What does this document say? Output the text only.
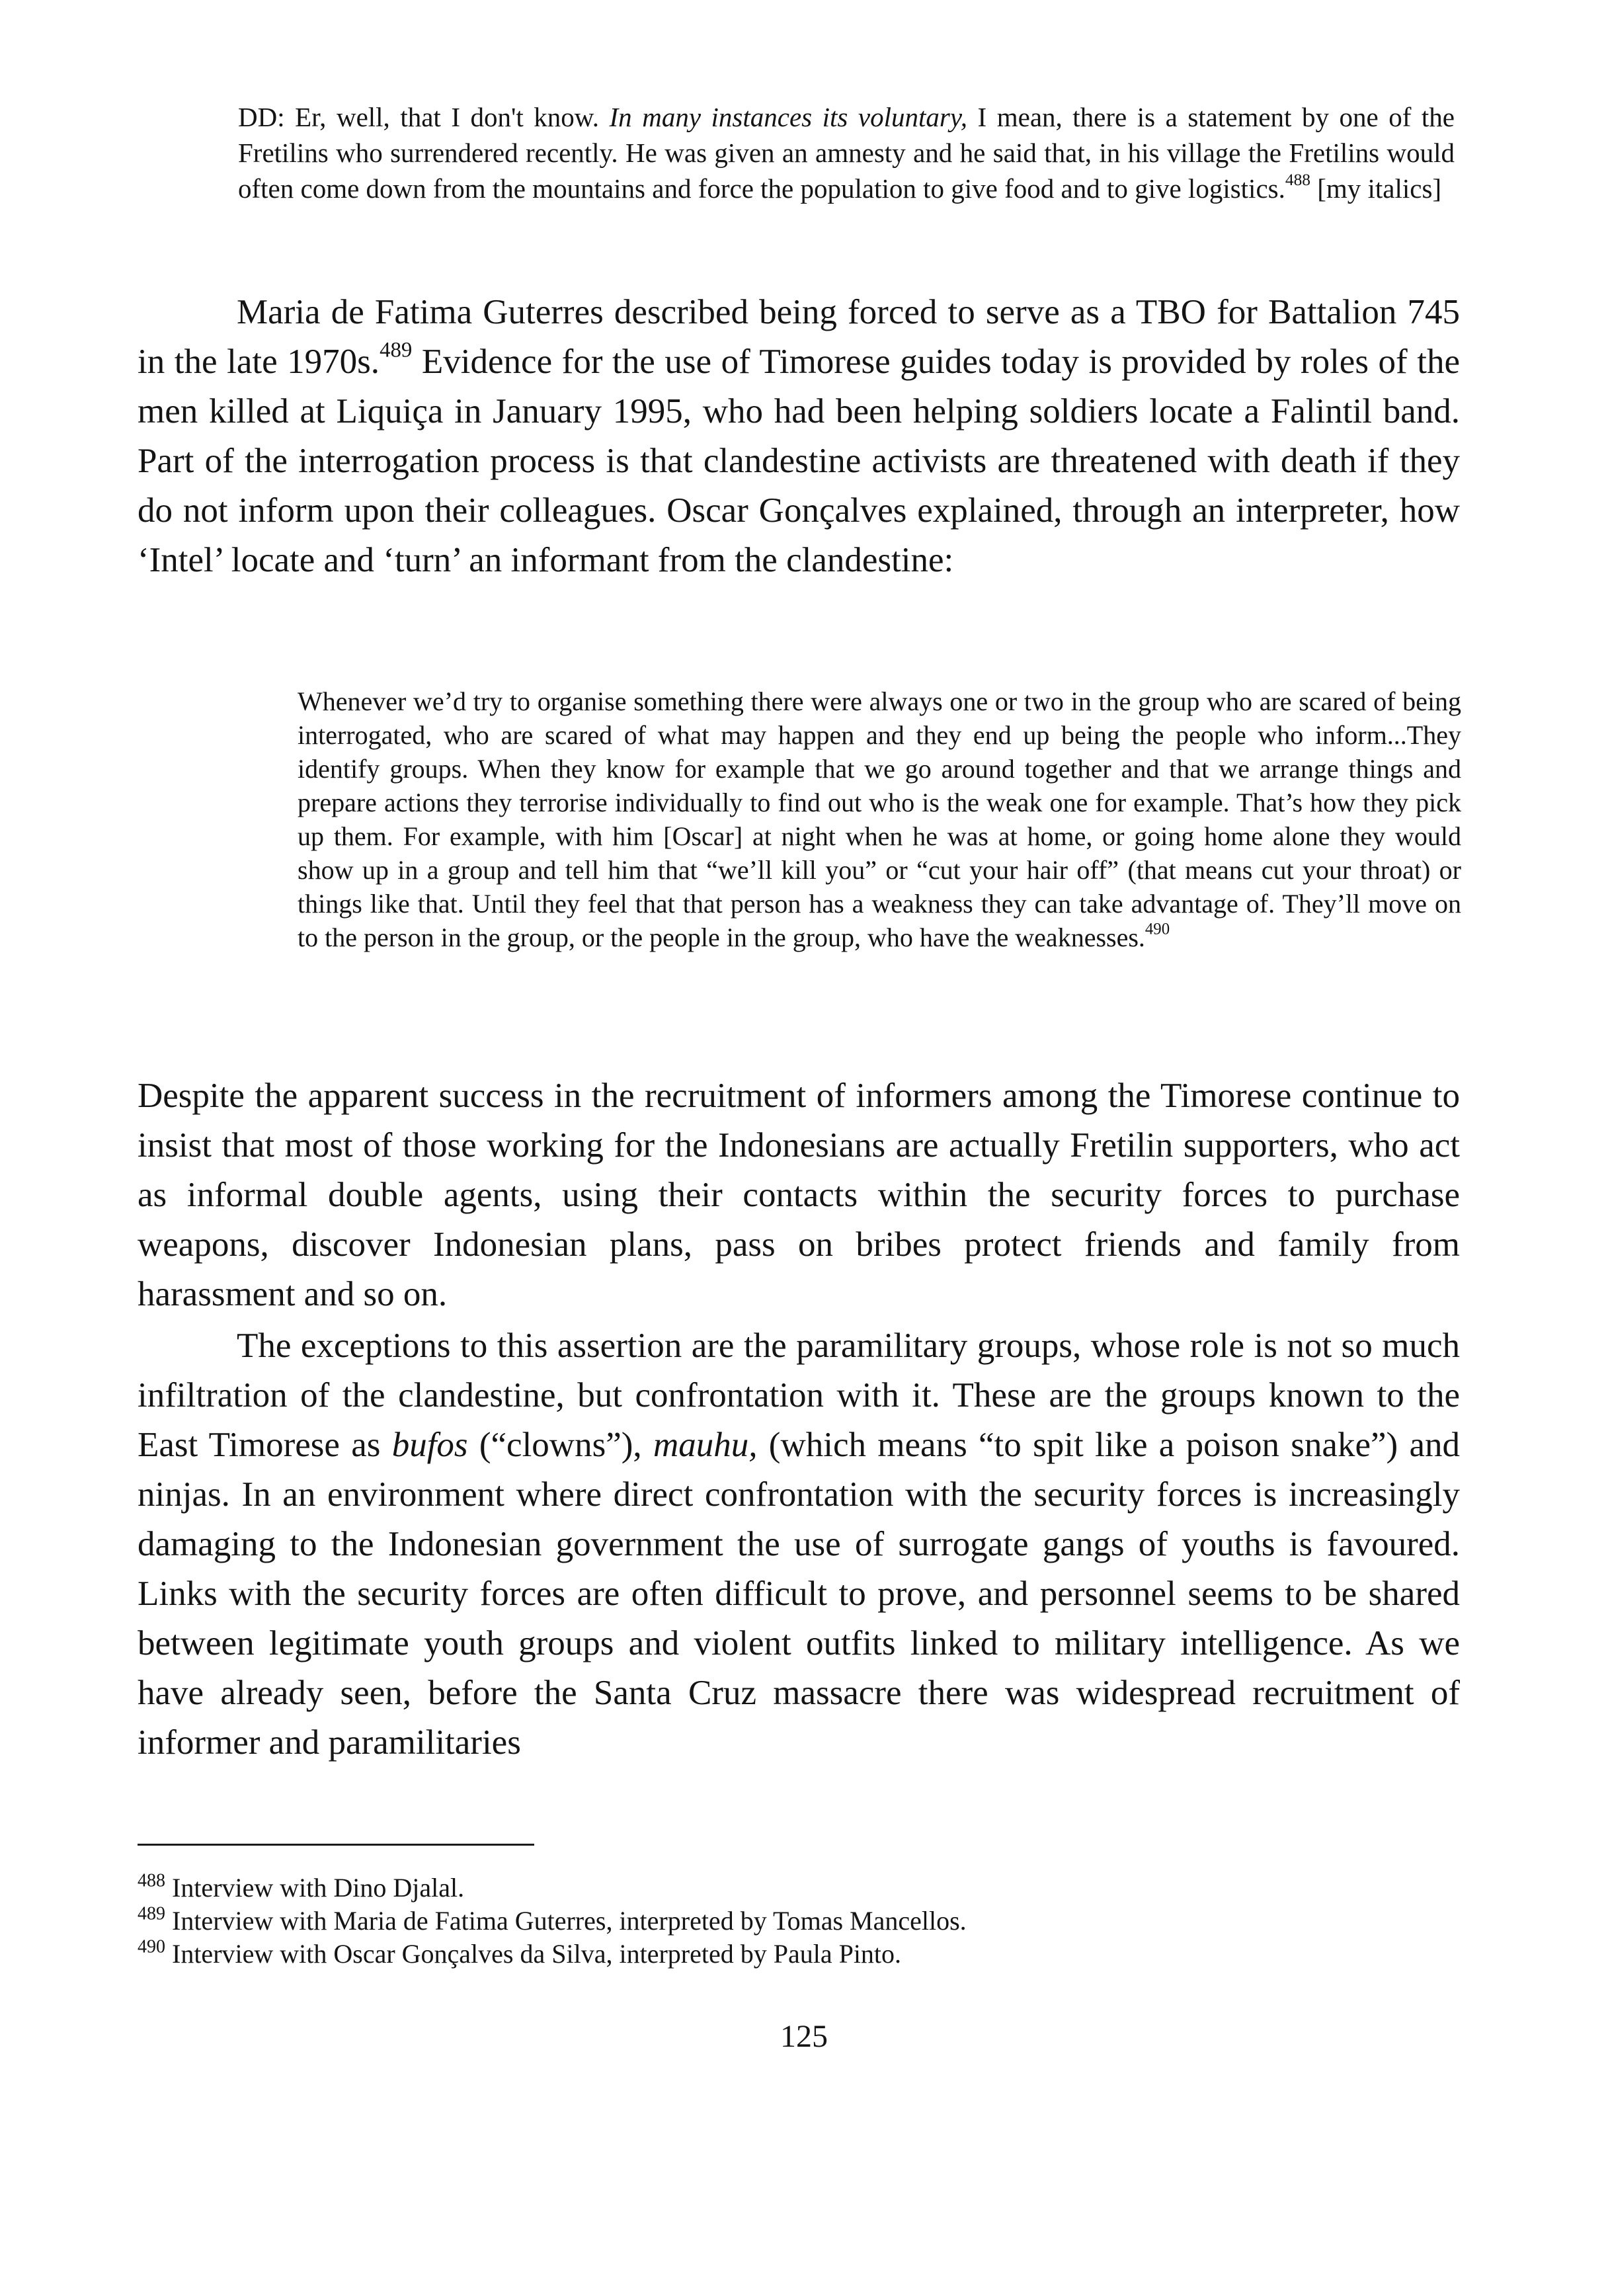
DD: Er, well, that I don't know. In many instances its voluntary, I mean, there is a statement by one of the Fretilins who surrendered recently. He was given an amnesty and he said that, in his village the Fretilins would often come down from the mountains and force the population to give food and to give logistics.$^{488}$ [my italics]

Maria de Fatima Guterres described being forced to serve as a TBO for Battalion 745 in the late 1970s.$^{489}$ Evidence for the use of Timorese guides today is provided by roles of the men killed at Liquiça in January 1995, who had been helping soldiers locate a Falintil band. Part of the interrogation process is that clandestine activists are threatened with death if they do not inform upon their colleagues. Oscar Gonçalves explained, through an interpreter, how ‘Intel’ locate and ‘turn’ an informant from the clandestine:

Whenever we’d try to organise something there were always one or two in the group who are scared of being interrogated, who are scared of what may happen and they end up being the people who inform...They identify groups. When they know for example that we go around together and that we arrange things and prepare actions they terrorise individually to find out who is the weak one for example. That’s how they pick up them. For example, with him [Oscar] at night when he was at home, or going home alone they would show up in a group and tell him that “we’ll kill you” or “cut your hair off” (that means cut your throat) or things like that. Until they feel that that person has a weakness they can take advantage of. They’ll move on to the person in the group, or the people in the group, who have the weaknesses.$^{490}$

Despite the apparent success in the recruitment of informers among the Timorese continue to insist that most of those working for the Indonesians are actually Fretilin supporters, who act as informal double agents, using their contacts within the security forces to purchase weapons, discover Indonesian plans, pass on bribes protect friends and family from harassment and so on.

The exceptions to this assertion are the paramilitary groups, whose role is not so much infiltration of the clandestine, but confrontation with it. These are the groups known to the East Timorese as bufos (“clowns”), mauhu, (which means “to spit like a poison snake”) and ninjas. In an environment where direct confrontation with the security forces is increasingly damaging to the Indonesian government the use of surrogate gangs of youths is favoured. Links with the security forces are often difficult to prove, and personnel seems to be shared between legitimate youth groups and violent outfits linked to military intelligence. As we have already seen, before the Santa Cruz massacre there was widespread recruitment of informer and paramilitaries

$^{488}$ Interview with Dino Djalal.

$^{489}$ Interview with Maria de Fatima Guterres, interpreted by Tomas Mancellos.

$^{490}$ Interview with Oscar Gonçalves da Silva, interpreted by Paula Pinto.

125
